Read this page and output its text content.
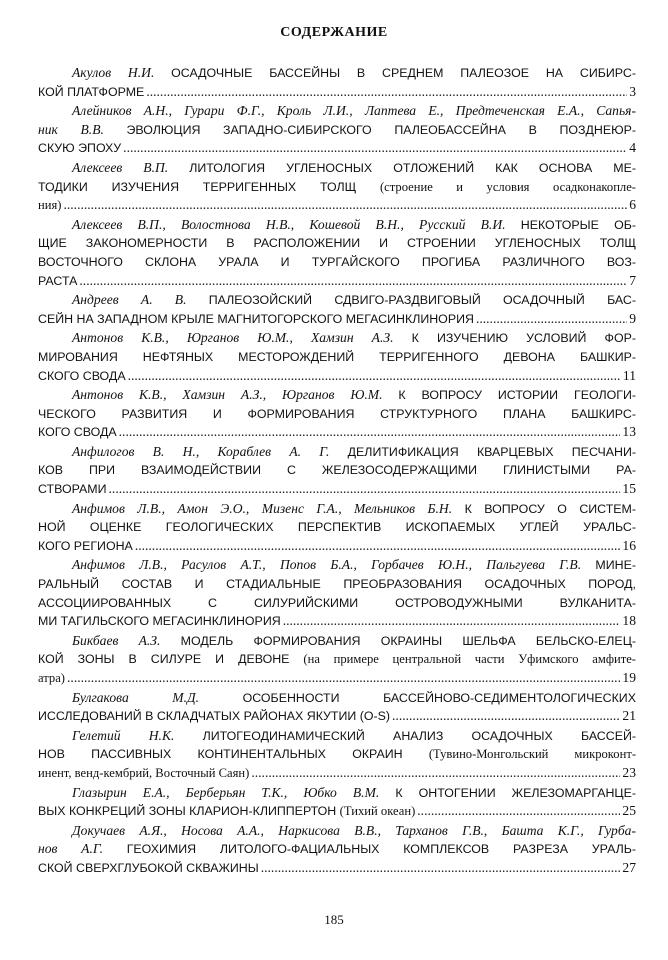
СОДЕРЖАНИЕ
Акулов Н.И. ОСАДОЧНЫЕ БАССЕЙНЫ В СРЕДНЕМ ПАЛЕОЗОЕ НА СИБИРС-
КОЙ ПЛАТФОРМЕ .....	3
Алейников А.Н., Гурари Ф.Г., Кроль Л.И., Лаптева Е., Предтеченская Е.А., Сапья-
ник В.В. ЭВОЛЮЦИЯ ЗАПАДНО-СИБИРСКОГО ПАЛЕОБАССЕЙНА В ПОЗДНЕЮР-
СКУЮ ЭПОХУ .....	4
Алексеев В.П. ЛИТОЛОГИЯ УГЛЕНОСНЫХ ОТЛОЖЕНИЙ КАК ОСНОВА МЕ-
ТОДИКИ ИЗУЧЕНИЯ ТЕРРИГЕННЫХ ТОЛЩ (строение и условия осадконакопле-
ния) .....	6
Алексеев В.П., Волостнова Н.В., Кошевой В.Н., Русский В.И. НЕКОТОРЫЕ ОБ-
ЩИЕ ЗАКОНОМЕРНОСТИ В РАСПОЛОЖЕНИИ И СТРОЕНИИ УГЛЕНОСНЫХ ТОЛЩ
ВОСТОЧНОГО СКЛОНА УРАЛА И ТУРГАЙСКОГО ПРОГИБА РАЗЛИЧНОГО ВОЗ-
РАСТА .....	7
Андреев А. В. ПАЛЕОЗОЙСКИЙ СДВИГО-РАЗДВИГОВЫЙ ОСАДОЧНЫЙ БАС-
СЕЙН НА ЗАПАДНОМ КРЫЛЕ МАГНИТОГОРСКОГО МЕГАСИНКЛИНОРИЯ .....	9
Антонов К.В., Юрганов Ю.М., Хамзин А.З. К ИЗУЧЕНИЮ УСЛОВИЙ ФОР-
МИРОВАНИЯ НЕФТЯНЫХ МЕСТОРОЖДЕНИЙ ТЕРРИГЕННОГО ДЕВОНА БАШКИР-
СКОГО СВОДА .....	11
Антонов К.В., Хамзин А.З., Юрганов Ю.М. К ВОПРОСУ ИСТОРИИ ГЕОЛОГИ-
ЧЕСКОГО РАЗВИТИЯ И ФОРМИРОВАНИЯ СТРУКТУРНОГО ПЛАНА БАШКИРС-
КОГО СВОДА .....	13
Анфилогов В. Н., Кораблев А. Г. ДЕЛИТИФИКАЦИЯ КВАРЦЕВЫХ ПЕСЧАНИ-
КОВ ПРИ ВЗАИМОДЕЙСТВИИ С ЖЕЛЕЗОСОДЕРЖАЩИМИ ГЛИНИСТЫМИ РА-
СТВОРАМИ .....	15
Анфимов Л.В., Амон Э.О., Мизенс Г.А., Мельников Б.Н. К ВОПРОСУ О СИСТЕМ-
НОЙ ОЦЕНКЕ ГЕОЛОГИЧЕСКИХ ПЕРСПЕКТИВ ИСКОПАЕМЫХ УГЛЕЙ УРАЛЬС-
КОГО РЕГИОНА .....	16
Анфимов Л.В., Расулов А.Т., Попов Б.А., Горбачев Ю.Н., Пальгуева Г.В. МИНЕ-
РАЛЬНЫЙ СОСТАВ И СТАДИАЛЬНЫЕ ПРЕОБРАЗОВАНИЯ ОСАДОЧНЫХ ПОРОД,
АССОЦИИРОВАННЫХ С СИЛУРИЙСКИМИ ОСТРОВОДУЖНЫМИ ВУЛКАНИТА-
МИ ТАГИЛЬСКОГО МЕГАСИНКЛИНОРИЯ .....	18
Бикбаев А.З. МОДЕЛЬ ФОРМИРОВАНИЯ ОКРАИНЫ ШЕЛЬФА БЕЛЬСКО-ЕЛЕЦ-
КОЙ ЗОНЫ В СИЛУРЕ И ДЕВОНЕ (на примере центральной части Уфимского амфите-
атра) .....	19
Булгакова М.Д.	ОСОБЕННОСТИ БАССЕЙНОВО-СЕДИМЕНТОЛОГИЧЕСКИХ
ИССЛЕДОВАНИЙ В СКЛАДЧАТЫХ РАЙОНАХ ЯКУТИИ (O-S) .....	21
Гелетий Н.К. ЛИТОГЕОДИНАМИЧЕСКИЙ АНАЛИЗ ОСАДОЧНЫХ БАССЕЙ-
НОВ ПАССИВНЫХ КОНТИНЕНТАЛЬНЫХ ОКРАИН (Тувино-Монгольский микроконт-
инент, венд-кембрий, Восточный Саян) .....	23
Глазырин Е.А., Берберьян Т.К., Юбко В.М. К ОНТОГЕНИИ ЖЕЛЕЗОМАРГАНЦЕ-
ВЫХ КОНКРЕЦИЙ ЗОНЫ КЛАРИОН-КЛИППЕРТОН (Тихий океан) .....	25
Докучаев А.Я., Носова А.А., Наркисова В.В., Тарханов Г.В., Башта К.Г., Гурба-
нов А.Г. ГЕОХИМИЯ ЛИТОЛОГО-ФАЦИАЛЬНЫХ КОМПЛЕКСОВ РАЗРЕЗА УРАЛЬ-
СКОЙ СВЕРХГЛУБОКОЙ СКВАЖИНЫ .....	27
185
